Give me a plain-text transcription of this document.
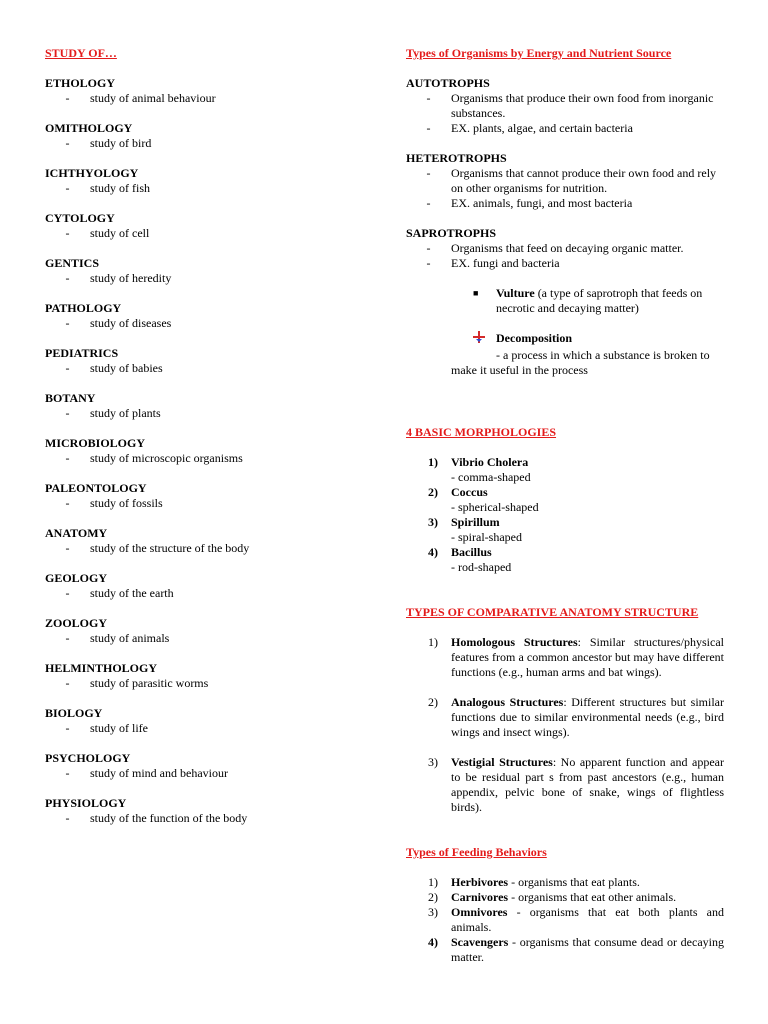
STUDY OF…
ETHOLOGY
-	study of animal behaviour
OMITHOLOGY
-	study of bird
ICHTHYOLOGY
-	study of fish
CYTOLOGY
-	study of cell
GENTICS
-	study of heredity
PATHOLOGY
-	study of diseases
PEDIATRICS
-	study of babies
BOTANY
-	study of plants
MICROBIOLOGY
-	study of microscopic organisms
PALEONTOLOGY
-	study of fossils
ANATOMY
-	study of the structure of the body
GEOLOGY
-	study of the earth
ZOOLOGY
-	study of animals
HELMINTHOLOGY
-	study of parasitic worms
BIOLOGY
-	study of life
PSYCHOLOGY
-	study of mind and behaviour
PHYSIOLOGY
-	study of the function of the body
Types of Organisms by Energy and Nutrient Source
AUTOTROPHS
-	Organisms that produce their own food from inorganic substances.
-	EX. plants, algae, and certain bacteria
HETEROTROPHS
-	Organisms that cannot produce their own food and rely on other organisms for nutrition.
-	EX. animals, fungi, and most bacteria
SAPROTROPHS
-	Organisms that feed on decaying organic matter.
-	EX. fungi and bacteria
■	Vulture (a type of saprotroph that feeds on necrotic and decaying matter)
Decomposition
- a process in which a substance is broken to make it useful in the process
4 BASIC MORPHOLOGIES
1)	Vibrio Cholera
- comma-shaped
2)	Coccus
- spherical-shaped
3)	Spirillum
- spiral-shaped
4)	Bacillus
- rod-shaped
TYPES OF COMPARATIVE ANATOMY STRUCTURE
1)	Homologous Structures: Similar structures/physical features from a common ancestor but may have different functions (e.g., human arms and bat wings).
2)	Analogous Structures: Different structures but similar functions due to similar environmental needs (e.g., bird wings and insect wings).
3)	Vestigial Structures: No apparent function and appear to be residual part s from past ancestors (e.g., human appendix, pelvic bone of snake, wings of flightless birds).
Types of Feeding Behaviors
1)	Herbivores - organisms that eat plants.
2)	Carnivores - organisms that eat other animals.
3)	Omnivores - organisms that eat both plants and animals.
4)	Scavengers - organisms that consume dead or decaying matter.
